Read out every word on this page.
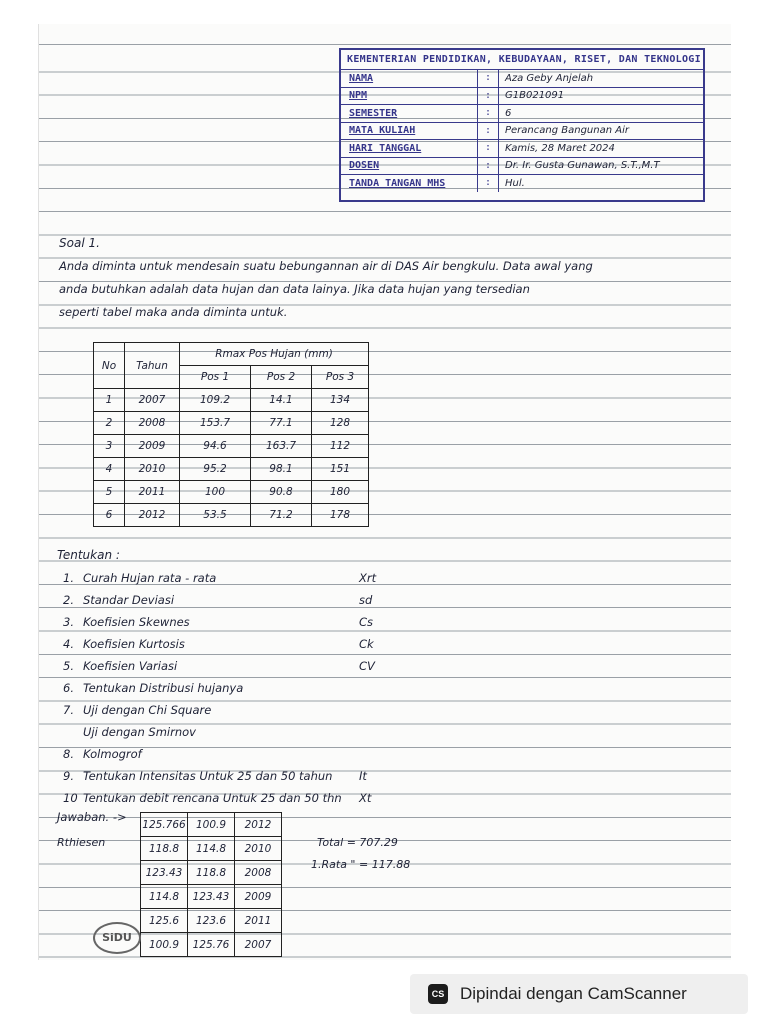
KEMENTERIAN PENDIDIKAN, KEBUDAYAAN, RISET, DAN TEKNOLOGI
NAMA	:	Aza Geby Anjelah
NPM	:	G1B021091
SEMESTER	:	6
MATA KULIAH	:	Perancang Bangunan Air
HARI TANGGAL	:	Kamis, 28 Maret 2024
DOSEN	:	Dr. Ir. Gusta Gunawan, S.T.,M.T
TANDA TANGAN MHS	:	Hul.
Soal 1.
Anda diminta untuk mendesain suatu bebungannan air di DAS Air bengkulu. Data awal yang
anda butuhkan adalah data hujan dan data lainya. Jika data hujan yang tersedian
seperti tabel maka anda diminta untuk.
No	Tahun	Rmax Pos Hujan (mm)		
		Pos 1	Pos 2	Pos 3
1	2007	109.2	14.1	134
2	2008	153.7	77.1	128
3	2009	94.6	163.7	112
4	2010	95.2	98.1	151
5	2011	100	90.8	180
6	2012	53.5	71.2	178
Tentukan :
1. Curah Hujan rata - rata	Xrt
2. Standar Deviasi	sd
3. Koefisien Skewnes	Cs
4. Koefisien Kurtosis	Ck
5. Koefisien Variasi	CV
6. Tentukan Distribusi hujanya
7. Uji dengan Chi Square
Uji dengan Smirnov
8. Kolmogrof
9. Tentukan Intensitas Untuk 25 dan 50 tahun It
10 Tentukan debit rencana Untuk 25 dan 50 thn Xt
Jawaban. ->
Rthiesen
125.766	100.9	2012
118.8	114.8	2010
123.43	118.8	2008
114.8	123.43	2009
125.6	123.6	2011
100.9	125.76	2007
Total = 707.29
1.Rata " = 117.88
SiDU
CS Dipindai dengan CamScanner
